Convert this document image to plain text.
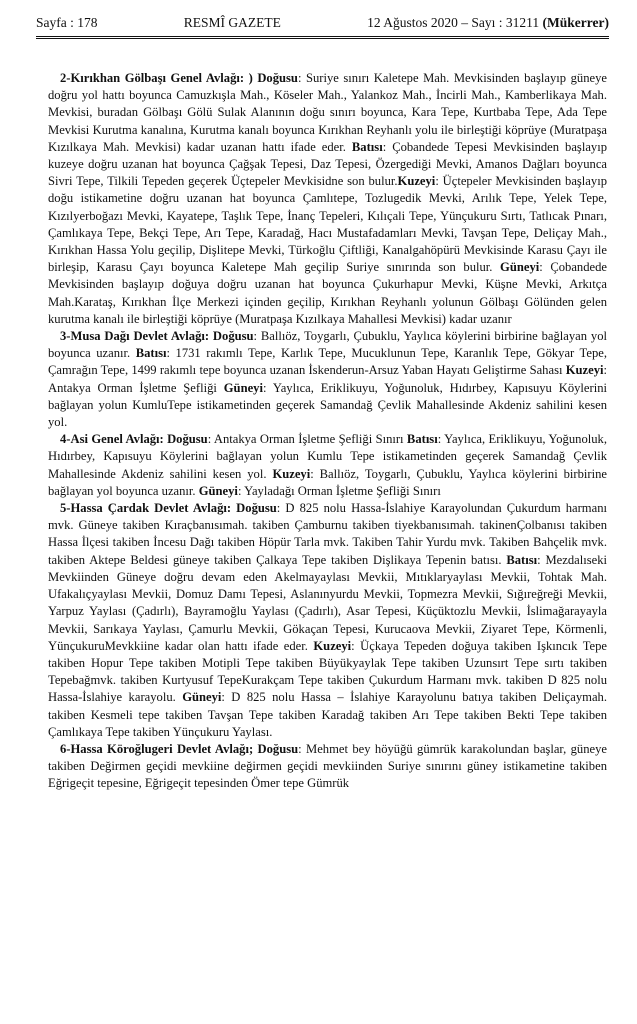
Sayfa : 178	RESMÎ GAZETE	12 Ağustos 2020 – Sayı : 31211 (Mükerrer)

2-Kırıkhan Gölbaşı Genel Avlağı: ) Doğusu: Suriye sınırı Kaletepe Mah. Mevkisinden başlayıp güneye doğru yol hattı boyunca Camuzkışla Mah., Köseler Mah., Yalankoz Mah., İncirli Mah., Kamberlikaya Mah. Mevkisi, buradan Gölbaşı Gölü Sulak Alanının doğu sınırı boyunca, Kara Tepe, Kurtbaba Tepe, Ada Tepe Mevkisi Kurutma kanalına, Kurutma kanalı boyunca Kırıkhan Reyhanlı yolu ile birleştiği köprüye (Muratpaşa Kızılkaya Mah. Mevkisi) kadar uzanan hattı ifade eder. Batısı: Çobandede Tepesi Mevkisinden başlayıp kuzeye doğru uzanan hat boyunca Çağşak Tepesi, Daz Tepesi, Özergediği Mevki, Amanos Dağları boyunca Sivri Tepe, Tilkili Tepeden geçerek Üçtepeler Mevkisidne son bulur.Kuzeyi: Üçtepeler Mevkisinden başlayıp doğu istikametine doğru uzanan hat boyunca Çamlıtepe, Tozlugedik Mevki, Arılık Tepe, Yelek Tepe, Kızılyerboğazı Mevki, Kayatepe, Taşlık Tepe, İnanç Tepeleri, Kılıçali Tepe, Yünçukuru Sırtı, Tatlıcak Pınarı, Çamlıkaya Tepe, Bekçi Tepe, Arı Tepe, Karadağ, Hacı Mustafadamları Mevki, Tavşan Tepe, Deliçay Mah., Kırıkhan Hassa Yolu geçilip, Dişlitepe Mevki, Türkoğlu Çiftliği, Kanalgahöpürü Mevkisinde Karasu Çayı ile birleşip, Karasu Çayı boyunca Kaletepe Mah geçilip Suriye sınırında son bulur. Güneyi: Çobandede Mevkisinden başlayıp doğuya doğru uzanan hat boyunca Çukurhapur Mevki, Küşne Mevki, Arkıtça Mah.Karataş, Kırıkhan İlçe Merkezi içinden geçilip, Kırıkhan Reyhanlı yolunun Gölbaşı Gölünden gelen kurutma kanalı ile birleştiği köprüye (Muratpaşa Kızılkaya Mahallesi Mevkisi) kadar uzanır

3-Musa Dağı Devlet Avlağı: Doğusu: Ballıöz, Toygarlı, Çubuklu, Yaylıca köylerini birbirine bağlayan yol boyunca uzanır. Batısı: 1731 rakımlı Tepe, Karlık Tepe, Mucuklunun Tepe, Karanlık Tepe, Gökyar Tepe, Çamrağın Tepe, 1499 rakımlı tepe boyunca uzanan İskenderun-Arsuz Yaban Hayatı Geliştirme Sahası Kuzeyi: Antakya Orman İşletme Şefliği Güneyi: Yaylıca, Eriklikuyu, Yoğunoluk, Hıdırbey, Kapısuyu Köylerini bağlayan yolun KumluTepe istikametinden geçerek Samandağ Çevlik Mahallesinde Akdeniz sahilini kesen yol.

4-Asi Genel Avlağı: Doğusu: Antakya Orman İşletme Şefliği Sınırı Batısı: Yaylıca, Eriklikuyu, Yoğunoluk, Hıdırbey, Kapısuyu Köylerini bağlayan yolun Kumlu Tepe istikametinden geçerek Samandağ Çevlik Mahallesinde Akdeniz sahilini kesen yol. Kuzeyi: Ballıöz, Toygarlı, Çubuklu, Yaylıca köylerini birbirine bağlayan yol boyunca uzanır. Güneyi: Yayladağı Orman İşletme Şefliği Sınırı

5-Hassa Çardak Devlet Avlağı: Doğusu: D 825 nolu Hassa-İslahiye Karayolundan Çukurdum harmanı mvk. Güneye takiben Kıraçbanısımah. takiben Çamburnu takiben tiyekbanısımah. takinenÇolbanısı takiben Hassa İlçesi takiben İncesu Dağı takiben Höpür Tarla mvk. Takiben Tahir Yurdu mvk. Takiben Bahçelik mvk. takiben Aktepe Beldesi güneye takiben Çalkaya Tepe takiben Dişlikaya Tepenin batısı. Batısı: Mezdalıseki Mevkiinden Güneye doğru devam eden Akelmayaylası Mevkii, Mıtıklaryaylası Mevkii, Tohtak Mah. Ufakalıçyaylası Mevkii, Domuz Damı Tepesi, Aslanınyurdu Mevkii, Topmezra Mevkii, Sığıreğreği Mevkii, Yarpuz Yaylası (Çadırlı), Bayramoğlu Yaylası (Çadırlı), Asar Tepesi, Küçüktozlu Mevkii, İslimağarayayla Mevkii, Sarıkaya Yaylası, Çamurlu Mevkii, Gökaçan Tepesi, Kurucaova Mevkii, Ziyaret Tepe, Körmenli, YünçukuruMevkkiine kadar olan hattı ifade eder. Kuzeyi: Üçkaya Tepeden doğuya takiben Işkıncık Tepe takiben Hopur Tepe takiben Motipli Tepe takiben Büyükyaylak Tepe takiben Uzunsırt Tepe sırtı takiben Tepebağmvk. takiben Kurtyusuf TepeKurakçam Tepe takiben Çukurdum Harmanı mvk. takiben D 825 nolu Hassa-İslahiye karayolu. Güneyi: D 825 nolu Hassa – İslahiye Karayolunu batıya takiben Deliçaymah. takiben Kesmeli tepe takiben Tavşan Tepe takiben Karadağ takiben Arı Tepe takiben Bekti Tepe takiben Çamlıkaya Tepe takiben Yünçukuru Yaylası.

6-Hassa Köroğlugeri Devlet Avlağı; Doğusu: Mehmet bey höyüğü gümrük karakolundan başlar, güneye takiben Değirmen geçidi mevkiine değirmen geçidi mevkiinden Suriye sınırını güney istikametine takiben Eğrigeçit tepesine, Eğrigeçit tepesinden Ömer tepe Gümrük
